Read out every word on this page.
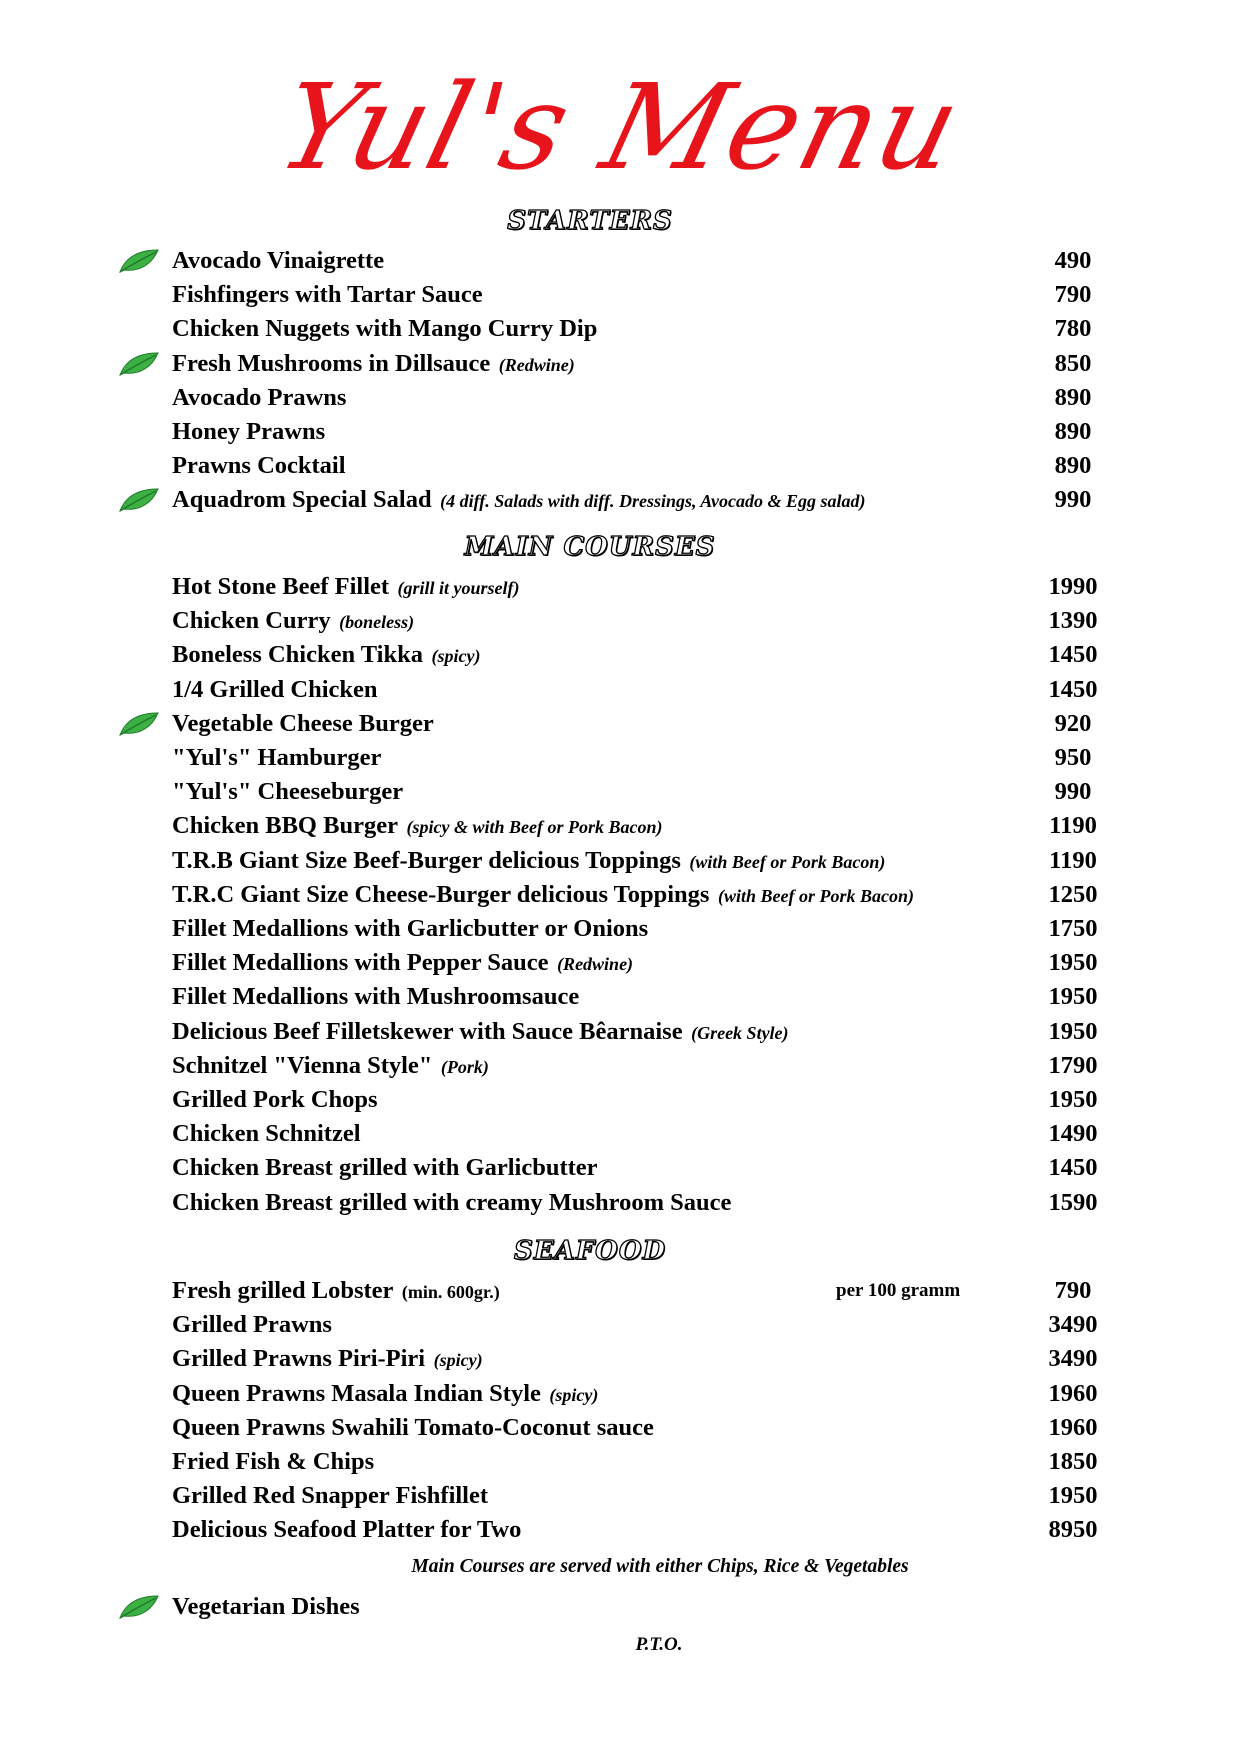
Yul's Menu
STARTERS
Avocado Vinaigrette	490
Fishfingers with Tartar Sauce	790
Chicken Nuggets with Mango Curry Dip	780
Fresh Mushrooms in Dillsauce (Redwine)	850
Avocado Prawns	890
Honey Prawns	890
Prawns Cocktail	890
Aquadrom Special Salad (4 diff. Salads with diff. Dressings, Avocado & Egg salad)	990
MAIN COURSES
Hot Stone Beef Fillet (grill it yourself)	1990
Chicken Curry (boneless)	1390
Boneless Chicken Tikka (spicy)	1450
1/4 Grilled Chicken	1450
Vegetable Cheese Burger	920
"Yul's" Hamburger	950
"Yul's" Cheeseburger	990
Chicken BBQ Burger (spicy & with Beef or Pork Bacon)	1190
T.R.B Giant Size Beef-Burger delicious Toppings (with Beef or Pork Bacon)	1190
T.R.C Giant Size Cheese-Burger delicious Toppings (with Beef or Pork Bacon)	1250
Fillet Medallions with Garlicbutter or Onions	1750
Fillet Medallions with Pepper Sauce (Redwine)	1950
Fillet Medallions with Mushroomsauce	1950
Delicious Beef Filletskewer with Sauce Bêarnaise (Greek Style)	1950
Schnitzel "Vienna Style" (Pork)	1790
Grilled Pork Chops	1950
Chicken Schnitzel	1490
Chicken Breast grilled with Garlicbutter	1450
Chicken Breast grilled with creamy Mushroom Sauce	1590
SEAFOOD
Fresh grilled Lobster (min. 600gr.)	per 100 gramm	790
Grilled Prawns	3490
Grilled Prawns Piri-Piri (spicy)	3490
Queen Prawns Masala Indian Style (spicy)	1960
Queen Prawns Swahili Tomato-Coconut sauce	1960
Fried Fish & Chips	1850
Grilled Red Snapper Fishfillet	1950
Delicious Seafood Platter for Two	8950
Main Courses are served with either Chips, Rice & Vegetables
Vegetarian Dishes
P.T.O.
